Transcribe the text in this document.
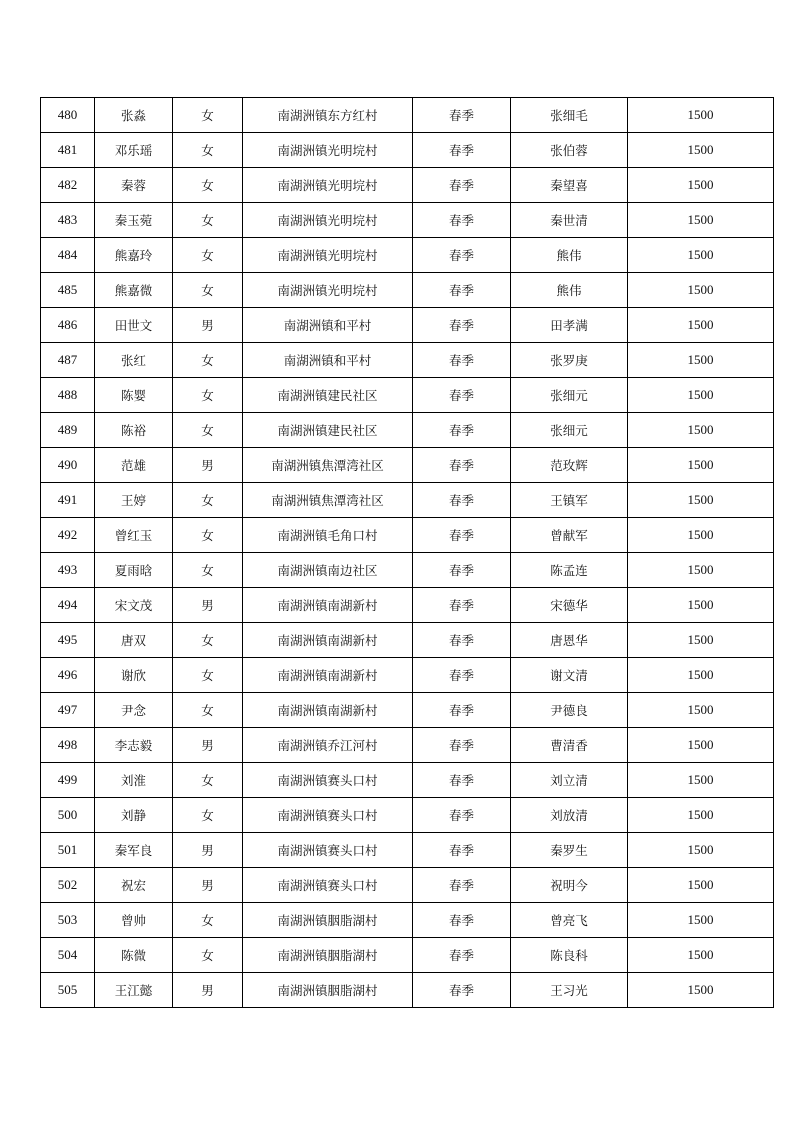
480	张淼	女	南湖洲镇东方红村	春季	张细毛	1500
481	邓乐瑶	女	南湖洲镇光明垸村	春季	张伯蓉	1500
482	秦蓉	女	南湖洲镇光明垸村	春季	秦望喜	1500
483	秦玉菀	女	南湖洲镇光明垸村	春季	秦世清	1500
484	熊嘉玲	女	南湖洲镇光明垸村	春季	熊伟	1500
485	熊嘉微	女	南湖洲镇光明垸村	春季	熊伟	1500
486	田世文	男	南湖洲镇和平村	春季	田孝满	1500
487	张红	女	南湖洲镇和平村	春季	张罗庚	1500
488	陈婴	女	南湖洲镇建民社区	春季	张细元	1500
489	陈裕	女	南湖洲镇建民社区	春季	张细元	1500
490	范雄	男	南湖洲镇焦潭湾社区	春季	范玫辉	1500
491	王婷	女	南湖洲镇焦潭湾社区	春季	王镇军	1500
492	曾红玉	女	南湖洲镇毛角口村	春季	曾献军	1500
493	夏雨晗	女	南湖洲镇南边社区	春季	陈孟连	1500
494	宋文茂	男	南湖洲镇南湖新村	春季	宋德华	1500
495	唐双	女	南湖洲镇南湖新村	春季	唐恩华	1500
496	谢欣	女	南湖洲镇南湖新村	春季	谢文清	1500
497	尹念	女	南湖洲镇南湖新村	春季	尹德良	1500
498	李志毅	男	南湖洲镇乔江河村	春季	曹清香	1500
499	刘淮	女	南湖洲镇赛头口村	春季	刘立清	1500
500	刘静	女	南湖洲镇赛头口村	春季	刘放清	1500
501	秦军良	男	南湖洲镇赛头口村	春季	秦罗生	1500
502	祝宏	男	南湖洲镇赛头口村	春季	祝明今	1500
503	曾帅	女	南湖洲镇胭脂湖村	春季	曾亮飞	1500
504	陈微	女	南湖洲镇胭脂湖村	春季	陈良科	1500
505	王江懿	男	南湖洲镇胭脂湖村	春季	王习光	1500
